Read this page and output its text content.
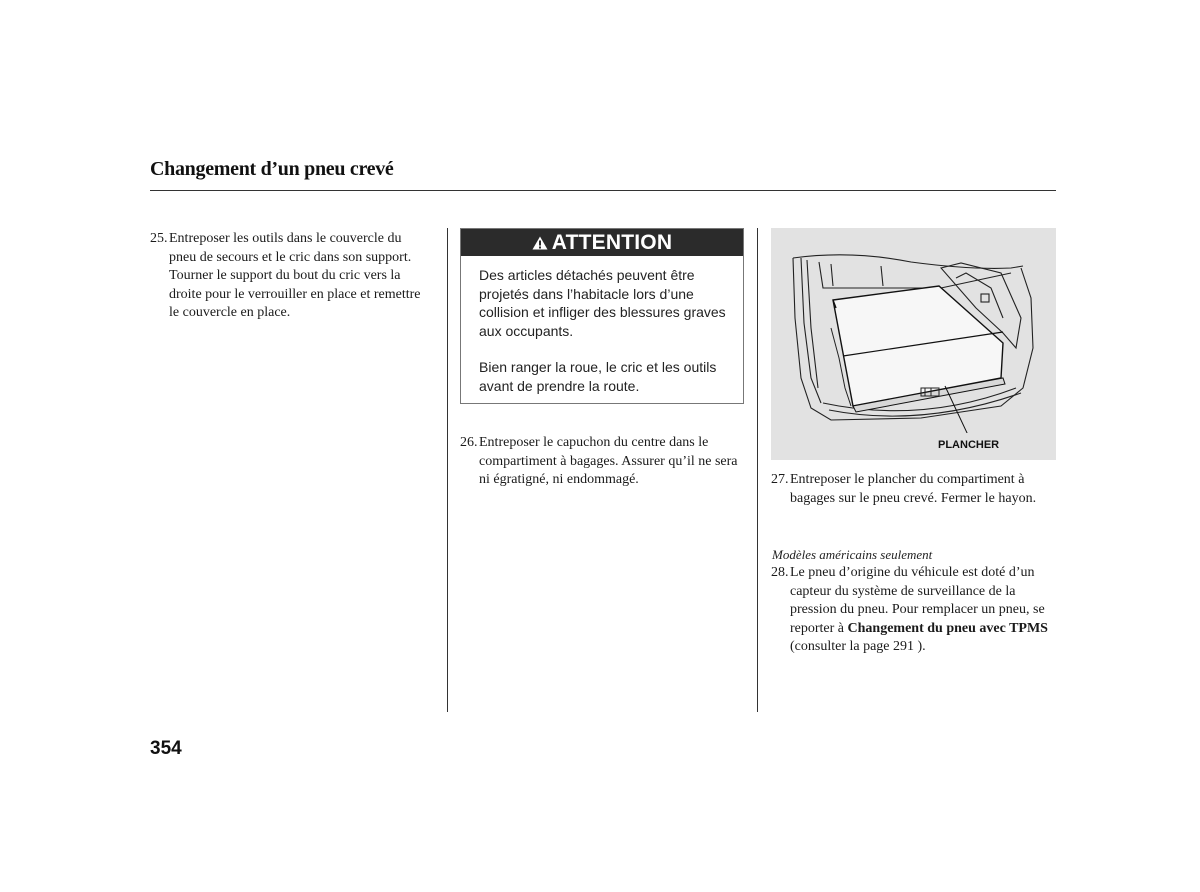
Changement d’un pneu crevé
25. Entreposer les outils dans le couvercle du pneu de secours et le cric dans son support. Tourner le support du bout du cric vers la droite pour le verrouiller en place et remettre le couvercle en place.
ATTENTION

Des articles détachés peuvent être projetés dans l’habitacle lors d’une collision et infliger des blessures graves aux occupants.

Bien ranger la roue, le cric et les outils avant de prendre la route.

26. Entreposer le capuchon du centre dans le compartiment à bagages. Assurer qu’il ne sera ni égratigné, ni endommagé.
PLANCHER
27. Entreposer le plancher du compartiment à bagages sur le pneu crevé. Fermer le hayon.
Modèles américains seulement
28. Le pneu d’origine du véhicule est doté d’un capteur du système de surveillance de la pression du pneu. Pour remplacer un pneu, se reporter à Changement du pneu avec TPMS (consulter la page 291 ).
354
